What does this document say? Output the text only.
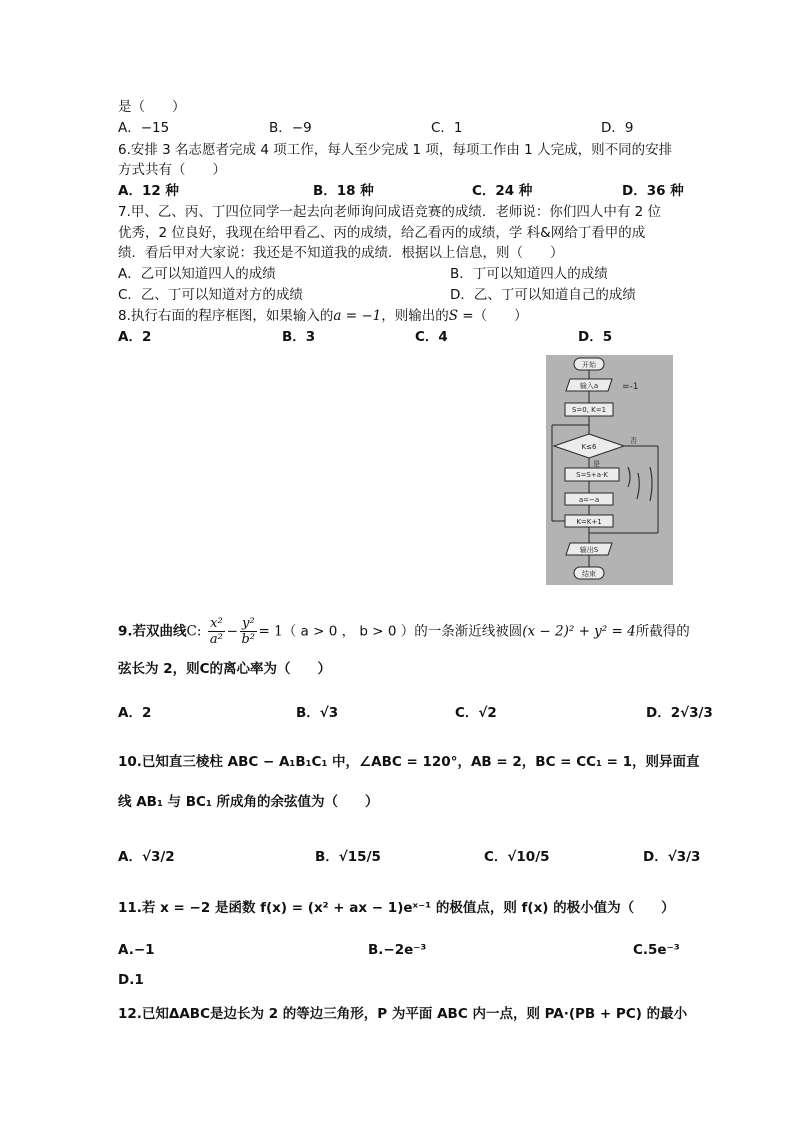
是（　　）
A．−15	B．−9	C．1	D．9
6.安排 3 名志愿者完成 4 项工作，每人至少完成 1 项，每项工作由 1 人完成，则不同的安排
方式共有（　　）
A．12 种	B．18 种	C．24 种	D．36 种
7.甲、乙、丙、丁四位同学一起去向老师询问成语竞赛的成绩．老师说：你们四人中有 2 位
优秀，2 位良好，我现在给甲看乙、丙的成绩，给乙看丙的成绩，学 科&网给丁看甲的成
绩．看后甲对大家说：我还是不知道我的成绩．根据以上信息，则（　　）
A．乙可以知道四人的成绩	B．丁可以知道四人的成绩
C．乙、丁可以知道对方的成绩	D．乙、丁可以知道自己的成绩
8.执行右面的程序框图，如果输入的a = −1，则输出的S =（　　）
A．2	B．3	C．4	D．5
开始
输入a	=-1
S=0, K=1
K≤6
否
是
S=S+a·K
a=−a
K=K+1
输出S
结束
9.若双曲线C: $\frac{\text{x²}}{\text{a²}} - \frac{\text{y²}}{\text{b²}} = 1$（ a > 0 ， b > 0 ）的一条渐近线被圆(x − 2)² + y² = 4所截得的
弦长为 2，则C的离心率为（　　）
A．2	B．√3	C．√2	D．2√3/3
10.已知直三棱柱 ABC − A₁B₁C₁ 中，∠ABC = 120°，AB = 2，BC = CC₁ = 1，则异面直
线 AB₁ 与 BC₁ 所成角的余弦值为（　　）
A．√3/2	B．√15/5	C．√10/5	D．√3/3
11.若 x = −2 是函数 f(x) = (x² + ax − 1)eˣ⁻¹ 的极值点，则 f(x) 的极小值为（　　）
A.−1	B.−2e⁻³	C.5e⁻³
D.1
12.已知ΔABC是边长为 2 的等边三角形，P 为平面 ABC 内一点，则 PA·(PB + PC) 的最小
